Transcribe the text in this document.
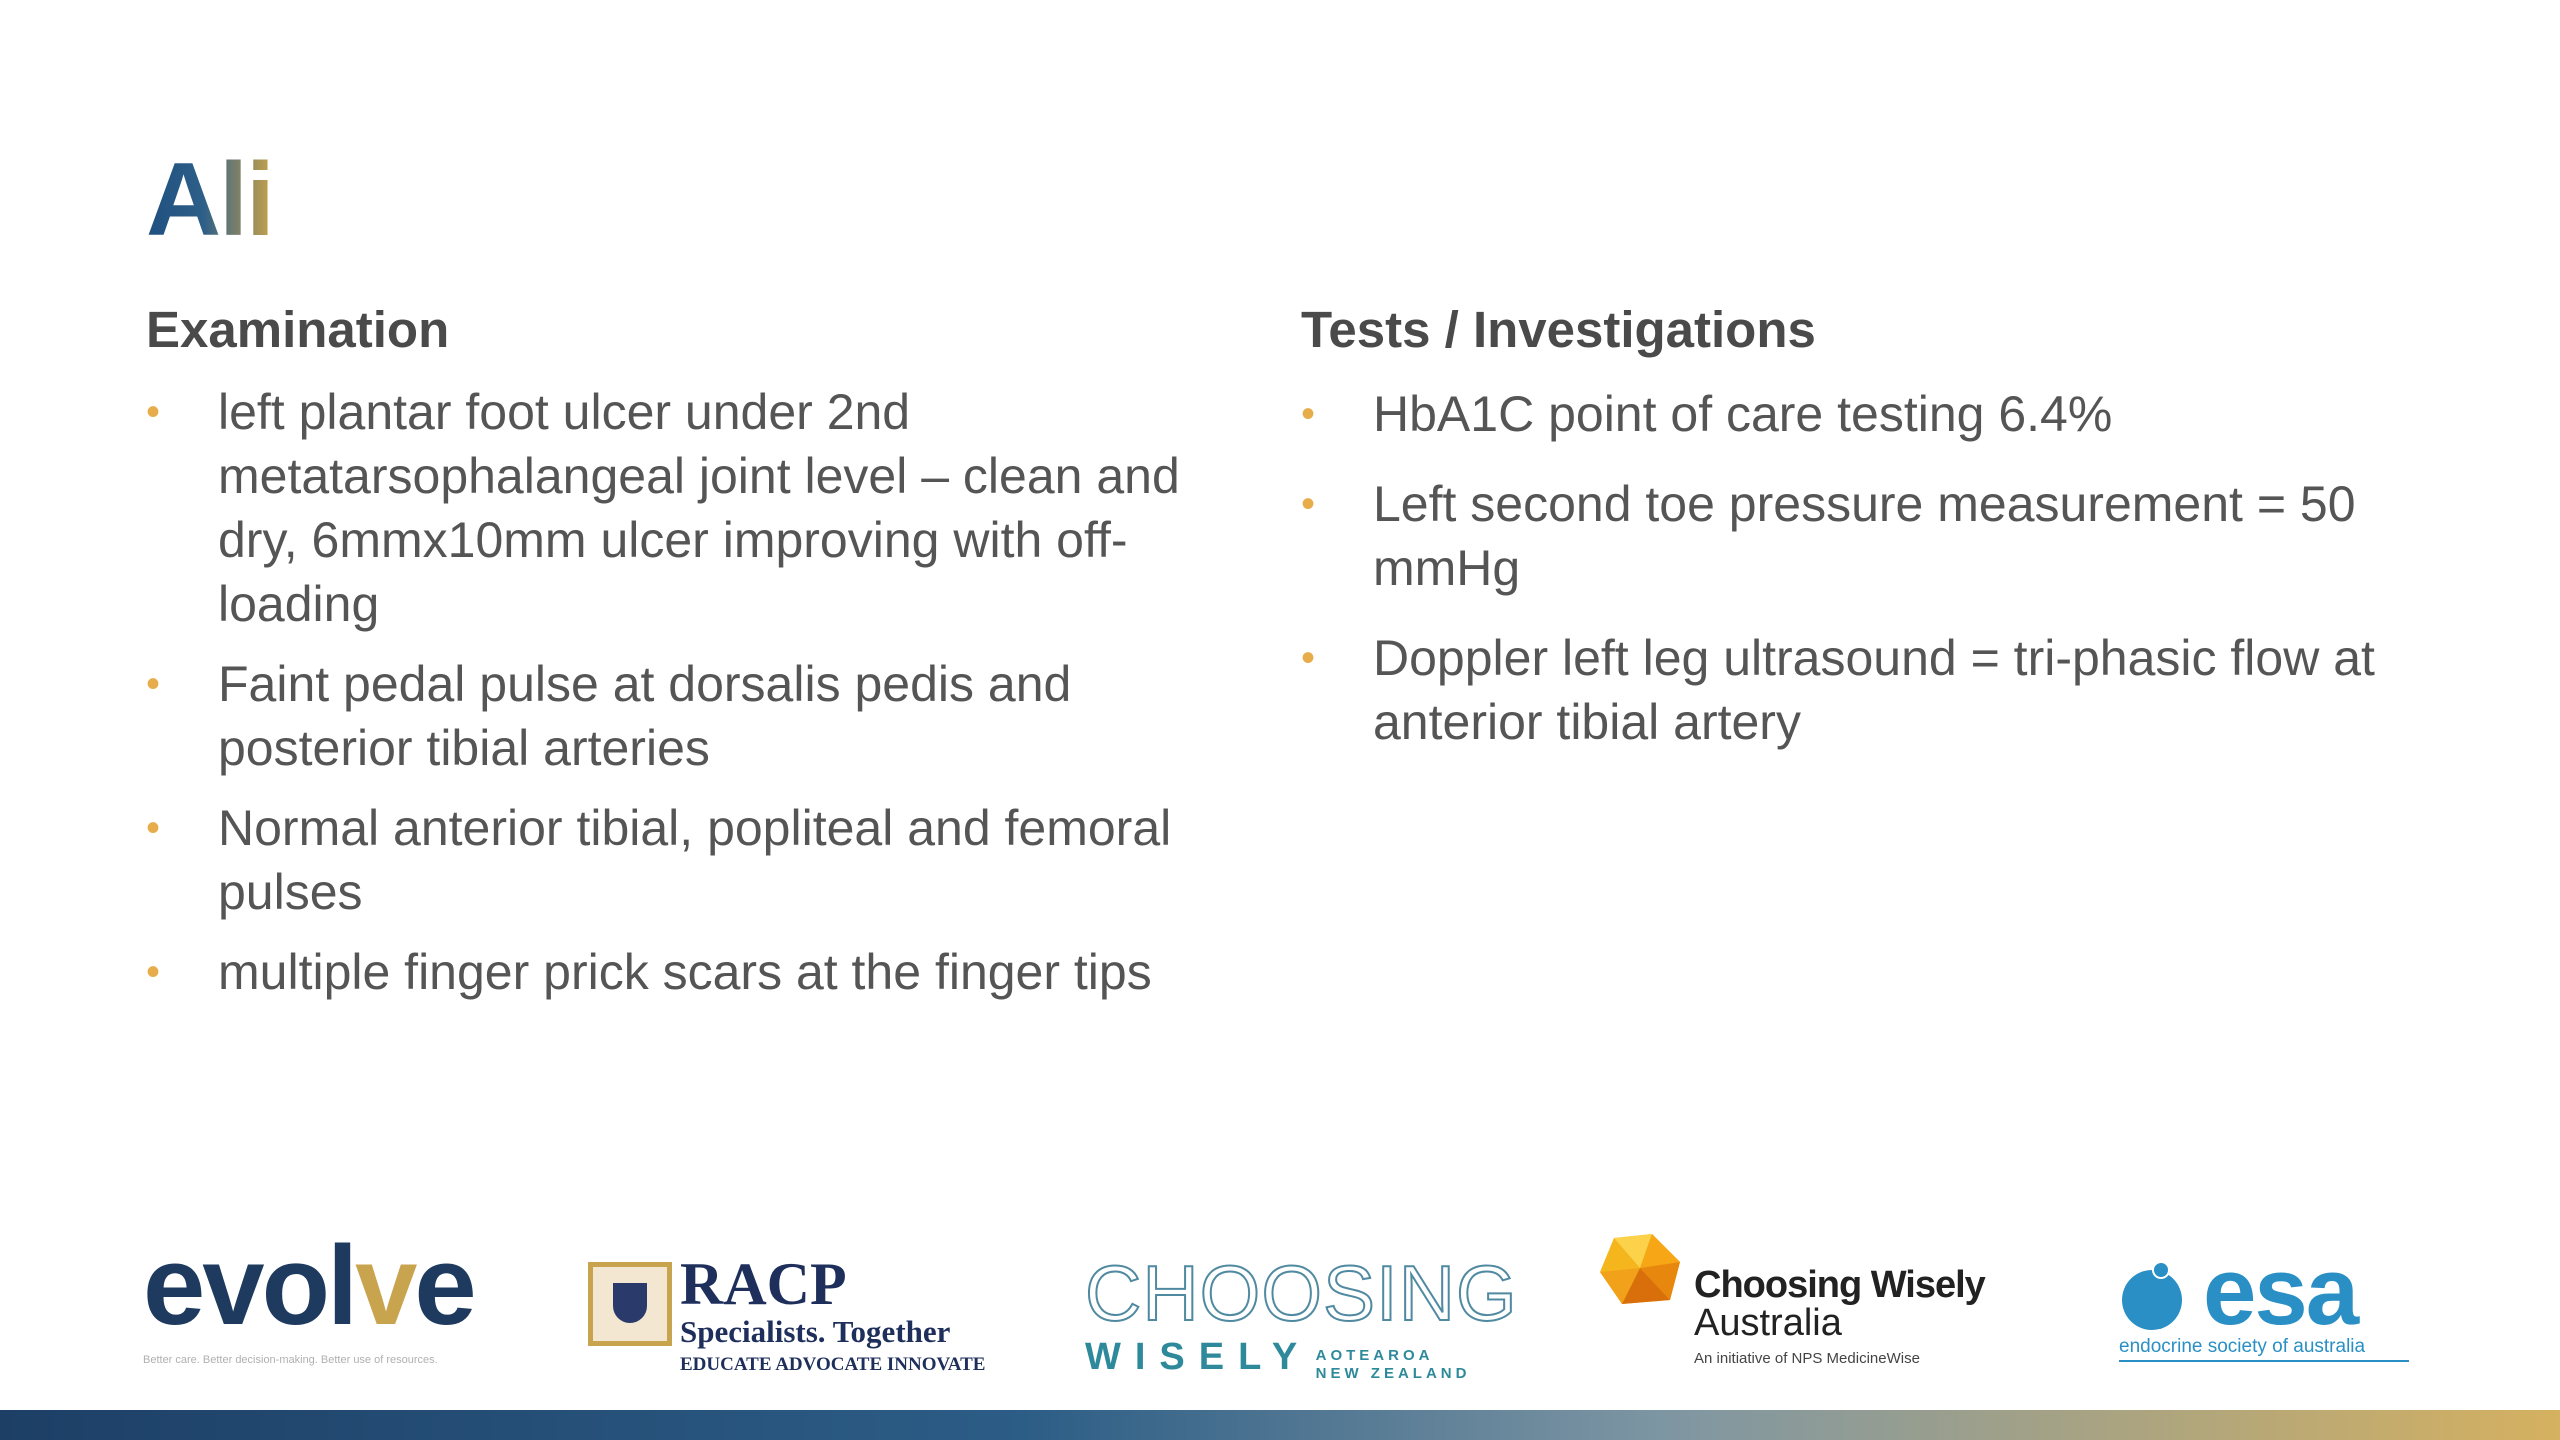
Ali
Examination
• left plantar foot ulcer under 2nd metatarsophalangeal joint level – clean and dry, 6mmx10mm ulcer improving with off-loading
• Faint pedal pulse at dorsalis pedis and posterior tibial arteries
• Normal anterior tibial, popliteal and femoral pulses
• multiple finger prick scars at the finger tips
Tests / Investigations
• HbA1C point of care testing 6.4%
• Left second toe pressure measurement = 50 mmHg
• Doppler left leg ultrasound = tri-phasic flow at anterior tibial artery
evolve
Better care. Better decision-making. Better use of resources.
RACP
Specialists. Together
EDUCATE ADVOCATE INNOVATE
CHOOSING
WISELY AOTEAROA
NEW ZEALAND
Choosing Wisely
Australia
An initiative of NPS MedicineWise
esa
endocrine society of australia
